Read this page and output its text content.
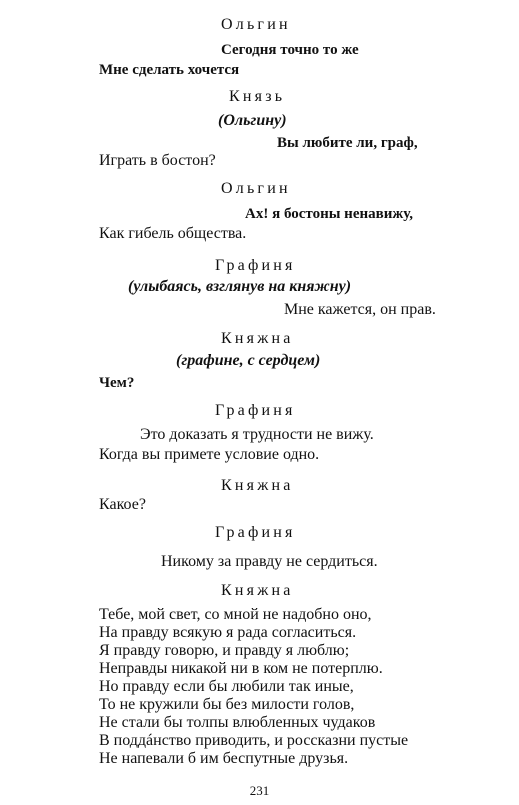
Ольгин
Сегодня точно то же
Мне сделать хочется
Князь
(Ольгину)
Вы любите ли, граф,
Играть в бостон?
Ольгин
Ах! я бостоны ненавижу,
Как гибель общества.
Графиня
(улыбаясь, взглянув на княжну)
Мне кажется, он прав.
Княжна
(графине, с сердцем)
Чем?
Графиня
Это доказать я трудности не вижу.
Когда вы примете условие одно.
Княжна
Какое?
Графиня
Никому за правду не сердиться.
Княжна
Тебе, мой свет, со мной не надобно оно,
На правду всякую я рада согласиться.
Я правду говорю, и правду я люблю;
Неправды никакой ни в ком не потерплю.
Но правду если бы любили так иные,
То не кружили бы без милости голов,
Не стали бы толпы влюбленных чудаков
В поддáнство приводить, и россказни пустые
Не напевали б им беспутные друзья.
231
